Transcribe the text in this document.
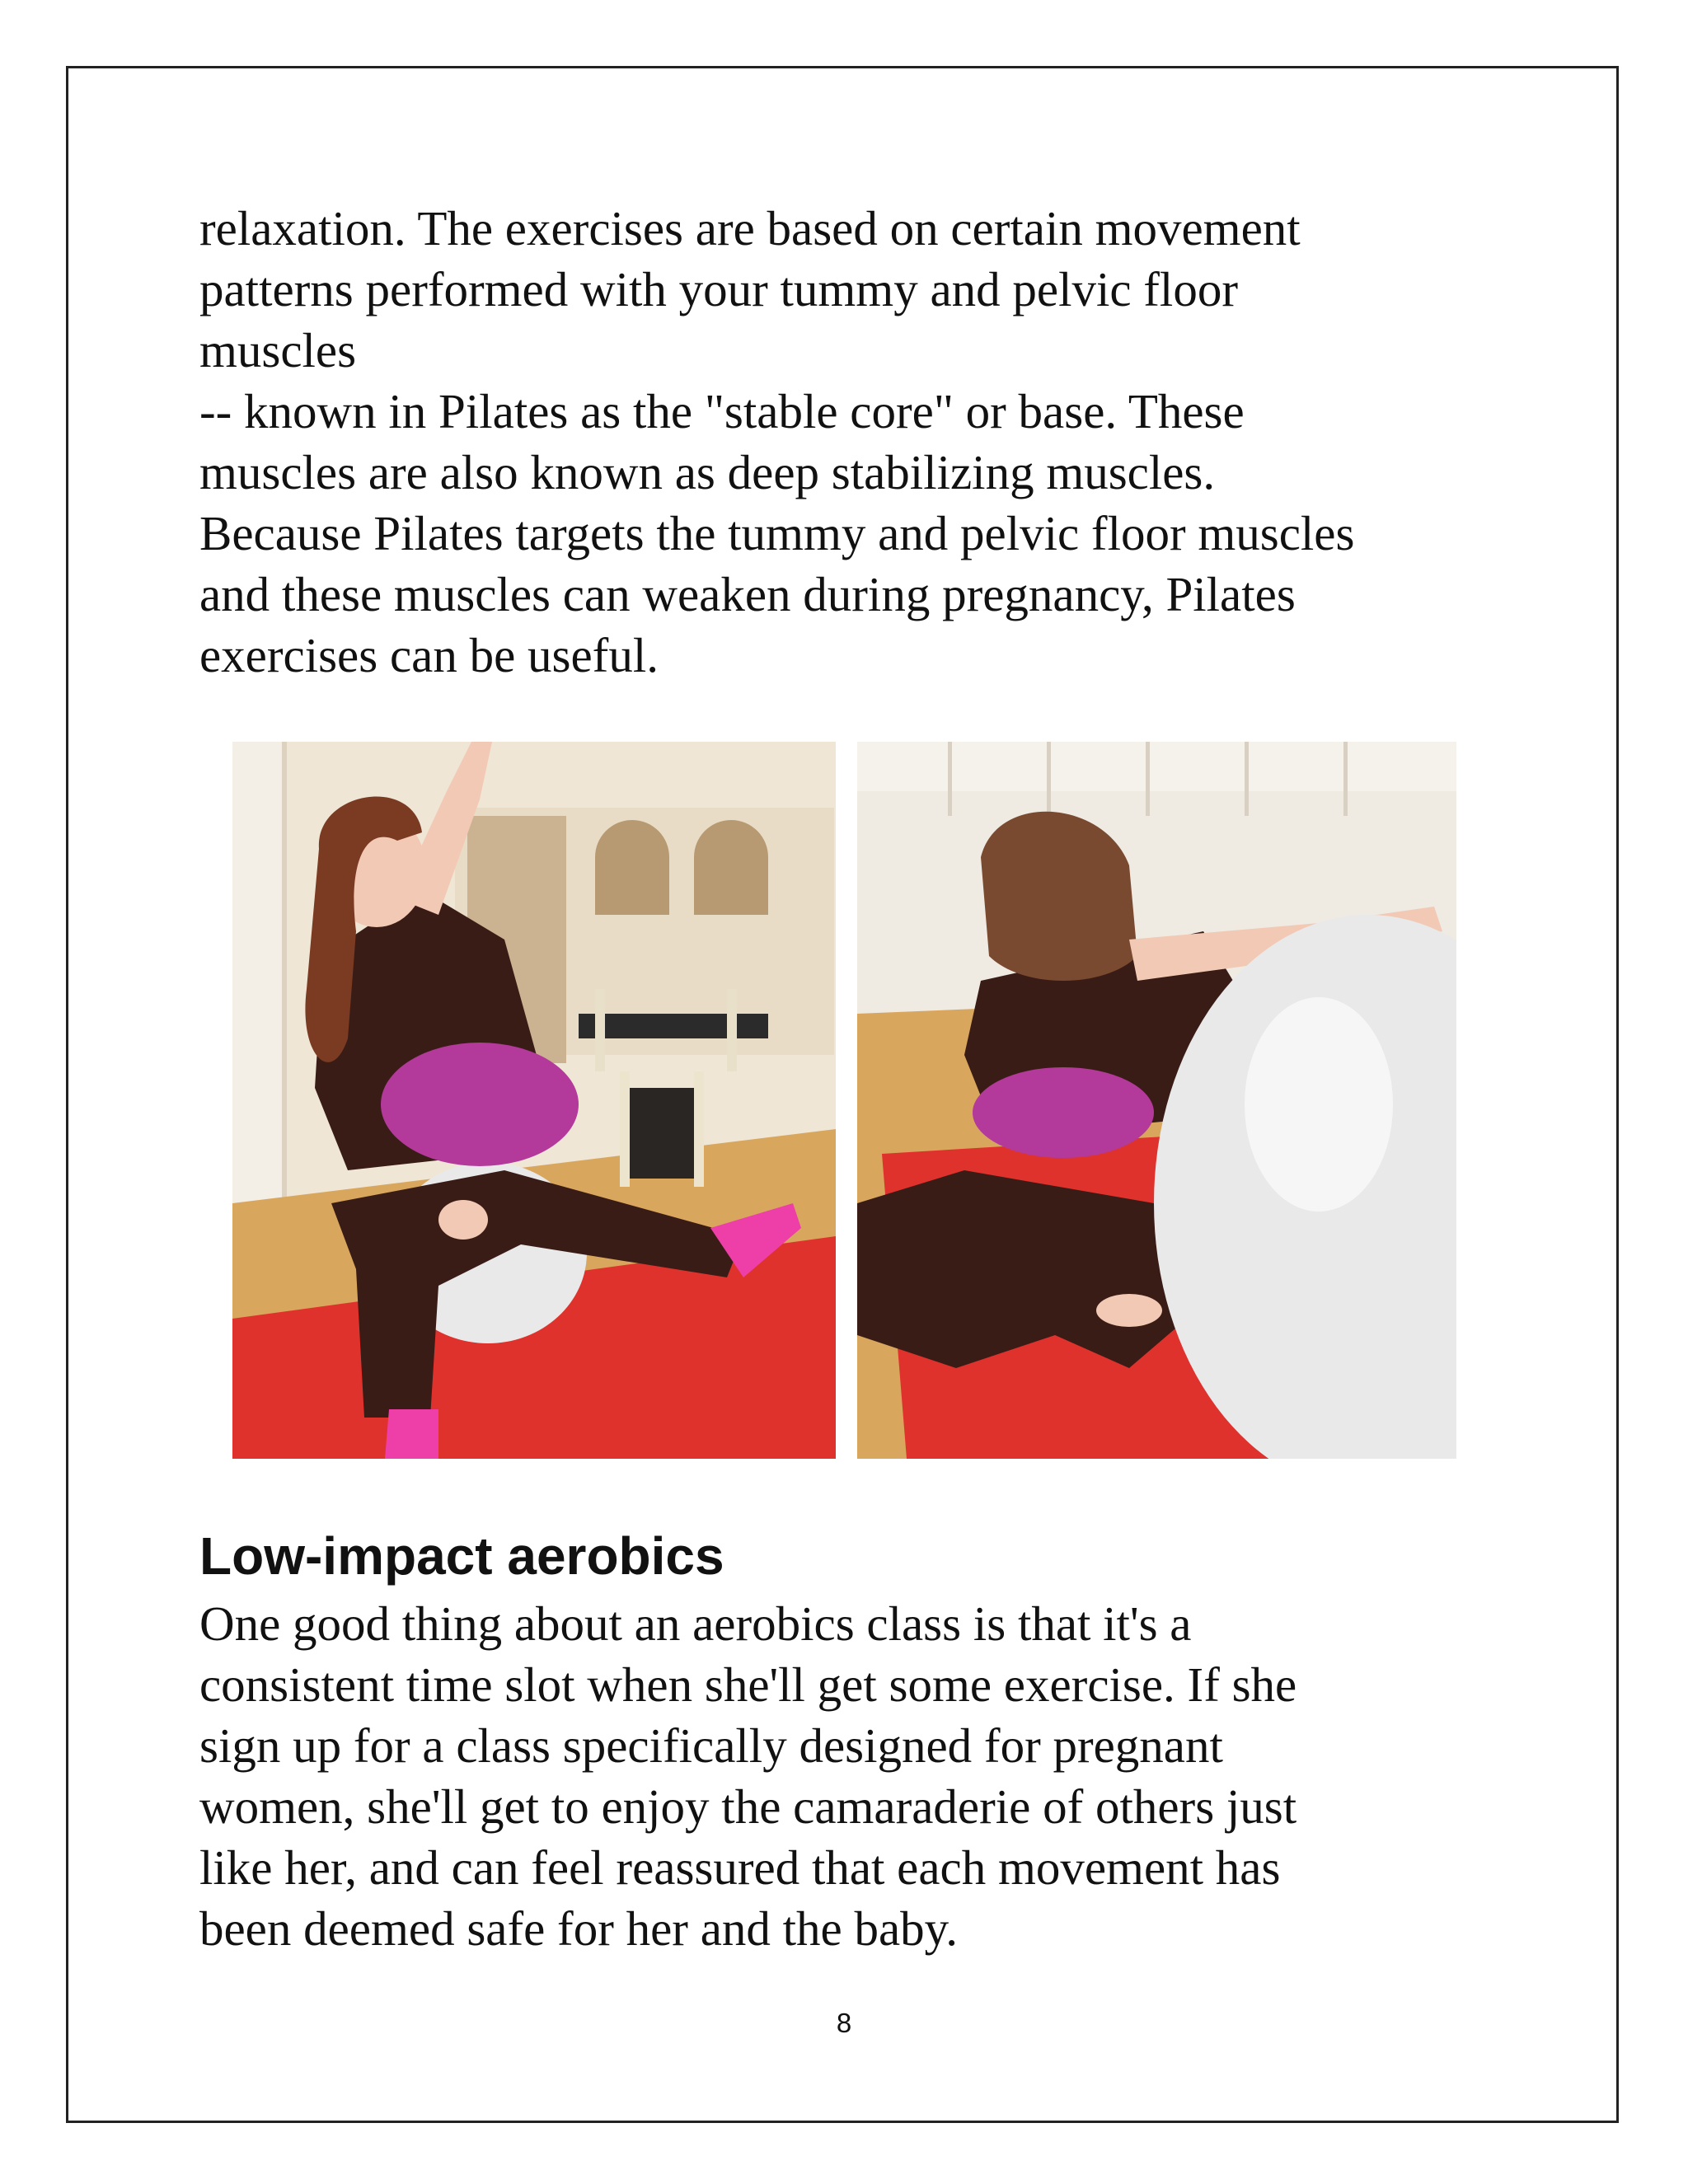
relaxation. The exercises are based on certain movement
patterns performed with your tummy and pelvic floor
muscles
-- known in Pilates as the "stable core" or base. These
muscles are also known as deep stabilizing muscles.
Because Pilates targets the tummy and pelvic floor muscles
and these muscles can weaken during pregnancy, Pilates
exercises can be useful.

Low-impact aerobics

One good thing about an aerobics class is that it's a
consistent time slot when she'll get some exercise. If she
sign up for a class specifically designed for pregnant
women, she'll get to enjoy the camaraderie of others just
like her, and can feel reassured that each movement has
been deemed safe for her and the baby.

8
